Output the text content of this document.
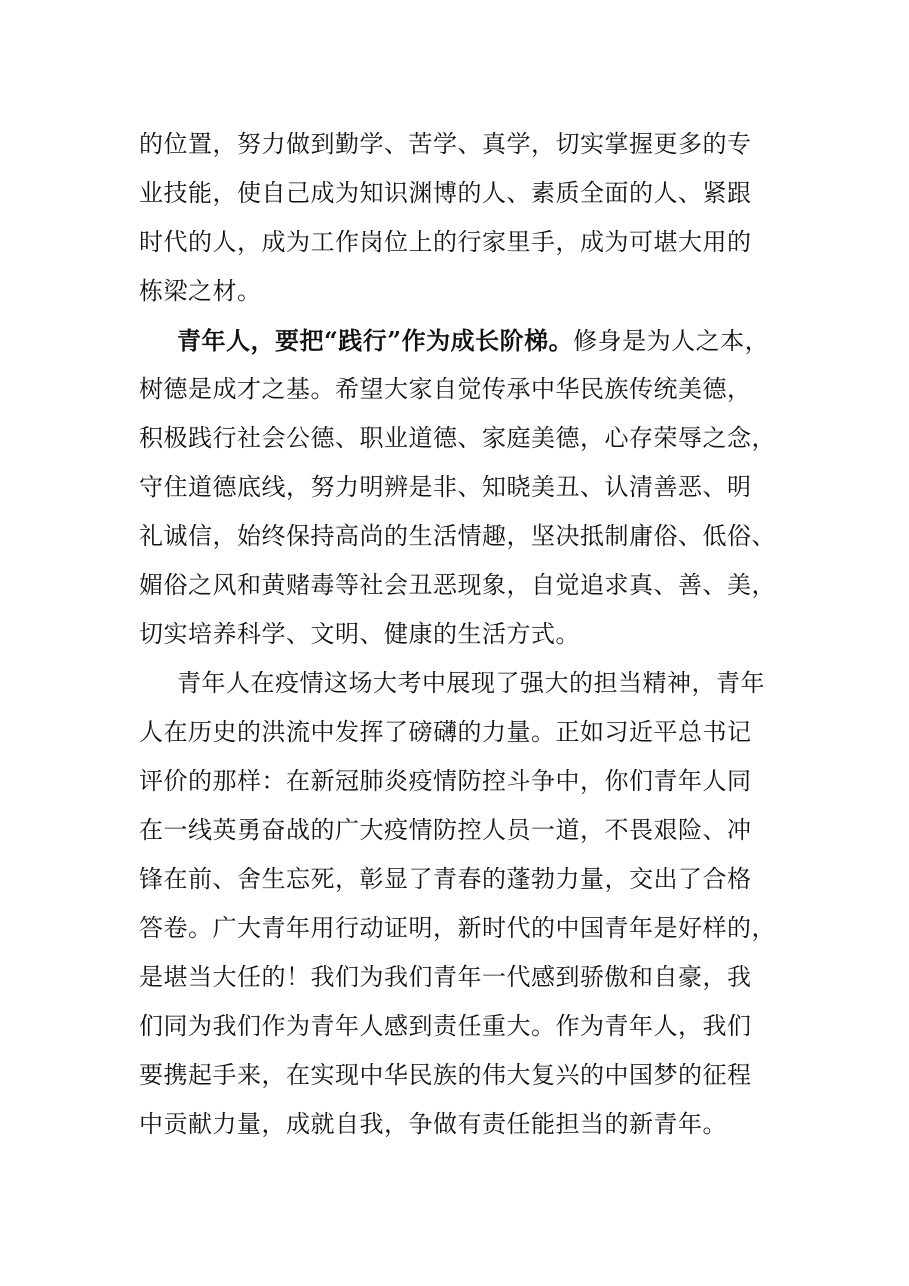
的位置，努力做到勤学、苦学、真学，切实掌握更多的专
业技能，使自己成为知识渊博的人、素质全面的人、紧跟
时代的人，成为工作岗位上的行家里手，成为可堪大用的
栋梁之材。
青年人，要把“践行”作为成长阶梯。修身是为人之本，
树德是成才之基。希望大家自觉传承中华民族传统美德，
积极践行社会公德、职业道德、家庭美德，心存荣辱之念，
守住道德底线，努力明辨是非、知晓美丑、认清善恶、明
礼诚信，始终保持高尚的生活情趣，坚决抵制庸俗、低俗、
媚俗之风和黄赌毒等社会丑恶现象，自觉追求真、善、美，
切实培养科学、文明、健康的生活方式。
青年人在疫情这场大考中展现了强大的担当精神，青年
人在历史的洪流中发挥了磅礴的力量。正如习近平总书记
评价的那样：在新冠肺炎疫情防控斗争中，你们青年人同
在一线英勇奋战的广大疫情防控人员一道，不畏艰险、冲
锋在前、舍生忘死，彰显了青春的蓬勃力量，交出了合格
答卷。广大青年用行动证明，新时代的中国青年是好样的，
是堪当大任的！我们为我们青年一代感到骄傲和自豪，我
们同为我们作为青年人感到责任重大。作为青年人，我们
要携起手来，在实现中华民族的伟大复兴的中国梦的征程
中贡献力量，成就自我，争做有责任能担当的新青年。
